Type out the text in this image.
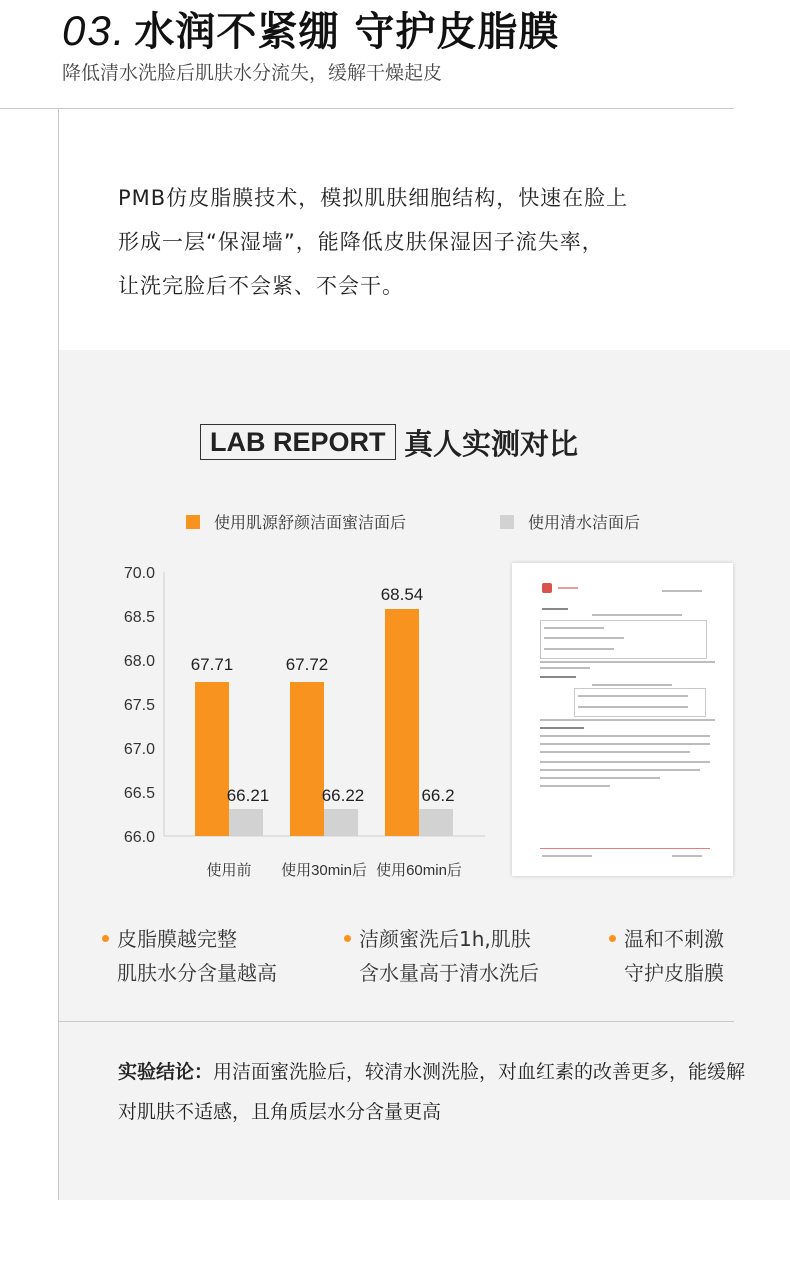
03. 水润不紧绷 守护皮脂膜
降低清水洗脸后肌肤水分流失，缓解干燥起皮
PMB仿皮脂膜技术，模拟肌肤细胞结构，快速在脸上
形成一层“保湿墙”，能降低皮肤保湿因子流失率，
让洗完脸后不会紧、不会干。
LAB REPORT 真人实测对比
使用肌源舒颜洁面蜜洁面后	使用清水洁面后
70.0
68.5
68.0
67.5
67.0
66.5
66.0
67.71
66.21
使用前
67.72
66.22
使用30min后
68.54
66.2
使用60min后
皮脂膜越完整
肌肤水分含量越高
洁颜蜜洗后1h,肌肤
含水量高于清水洗后
温和不刺激
守护皮脂膜
实验结论：用洁面蜜洗脸后，较清水测洗脸，对血红素的改善更多，能缓解对肌肤不适感，且角质层水分含量更高
